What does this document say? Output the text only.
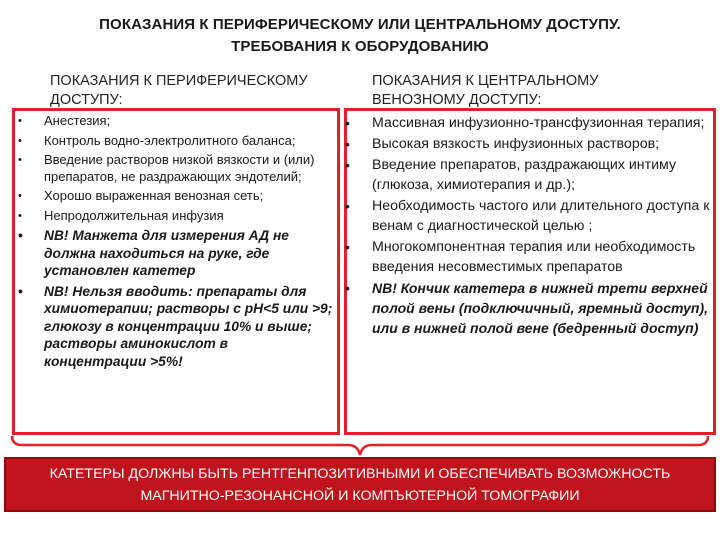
ПОКАЗАНИЯ К ПЕРИФЕРИЧЕСКОМУ ИЛИ ЦЕНТРАЛЬНОМУ ДОСТУПУ.
ТРЕБОВАНИЯ К ОБОРУДОВАНИЮ
ПОКАЗАНИЯ К ПЕРИФЕРИЧЕСКОМУ
ДОСТУПУ:
ПОКАЗАНИЯ К ЦЕНТРАЛЬНОМУ
ВЕНОЗНОМУ ДОСТУПУ:
• Анестезия;
• Контроль водно-электролитного баланса;
• Введение растворов низкой вязкости и (или) препаратов, не раздражающих эндотелий;
• Хорошо выраженная венозная сеть;
• Непродолжительная инфузия
• NB! Манжета для измерения АД не должна находиться на руке, где установлен катетер
• NB! Нельзя вводить: препараты для химиотерапии; растворы с pH<5 или >9; глюкозу в концентрации 10% и выше; растворы аминокислот в концентрации >5%!
• Массивная инфузионно-трансфузионная терапия;
• Высокая вязкость инфузионных растворов;
• Введение препаратов, раздражающих интиму (глюкоза, химиотерапия и др.);
• Необходимость частого или длительного доступа к венам с диагностической целью ;
• Многокомпонентная терапия или необходимость введения несовместимых препаратов
• NB! Кончик катетера в нижней трети верхней полой вены (подключичный, яремный доступ), или в нижней полой вене (бедренный доступ)
КАТЕТЕРЫ ДОЛЖНЫ БЫТЬ РЕНТГЕНПОЗИТИВНЫМИ И ОБЕСПЕЧИВАТЬ ВОЗМОЖНОСТЬ
МАГНИТНО-РЕЗОНАНСНОЙ И КОМПЪЮТЕРНОЙ ТОМОГРАФИИ
